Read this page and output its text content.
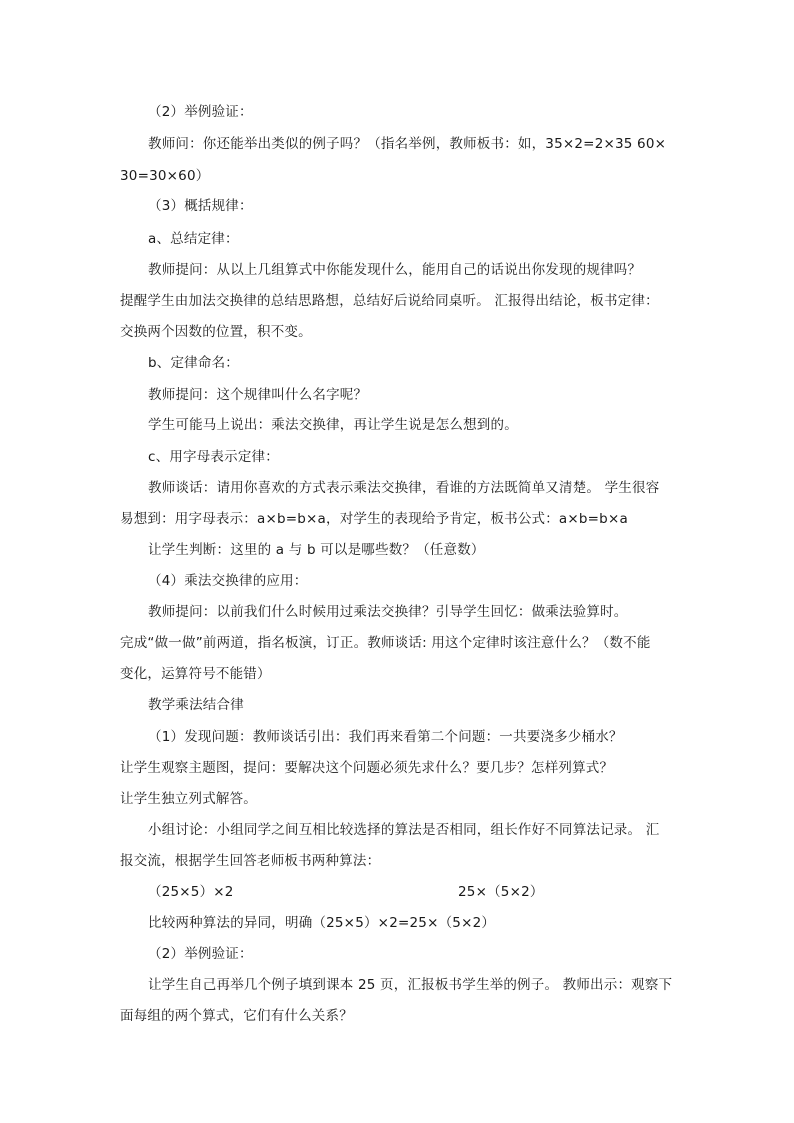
（2）举例验证：
教师问：你还能举出类似的例子吗？（指名举例，教师板书：如，35×2=2×35 60×
30=30×60）
（3）概括规律：
a、总结定律：
教师提问：从以上几组算式中你能发现什么，能用自己的话说出你发现的规律吗？
提醒学生由加法交换律的总结思路想，总结好后说给同桌听。 汇报得出结论，板书定律：
交换两个因数的位置，积不变。
b、定律命名：
教师提问：这个规律叫什么名字呢？
学生可能马上说出：乘法交换律，再让学生说是怎么想到的。
c、用字母表示定律：
教师谈话：请用你喜欢的方式表示乘法交换律，看谁的方法既简单又清楚。 学生很容
易想到：用字母表示：a×b=b×a，对学生的表现给予肯定，板书公式：a×b=b×a
让学生判断：这里的 a 与 b 可以是哪些数？（任意数）
（4）乘法交换律的应用：
教师提问：以前我们什么时候用过乘法交换律？引导学生回忆：做乘法验算时。
完成“做一做”前两道，指名板演，订正。教师谈话: 用这个定律时该注意什么？（数不能
变化，运算符号不能错）
教学乘法结合律
（1）发现问题：教师谈话引出：我们再来看第二个问题：一共要浇多少桶水？
让学生观察主题图，提问：要解决这个问题必须先求什么？要几步？怎样列算式？
让学生独立列式解答。
小组讨论：小组同学之间互相比较选择的算法是否相同，组长作好不同算法记录。 汇
报交流，根据学生回答老师板书两种算法：
（25×5）×2	25×（5×2）
比较两种算法的异同，明确（25×5）×2=25×（5×2）
（2）举例验证：
让学生自己再举几个例子填到课本 25 页，汇报板书学生举的例子。 教师出示：观察下
面每组的两个算式，它们有什么关系？
